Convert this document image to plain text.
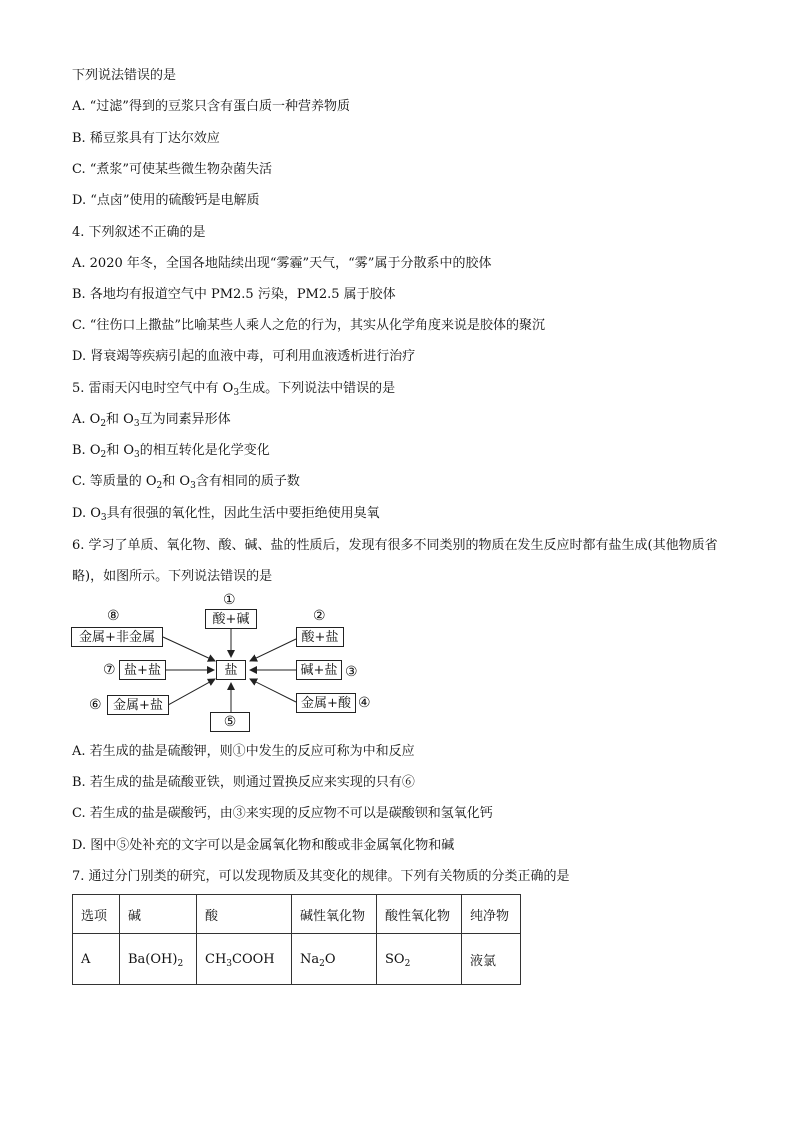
下列说法错误的是
A. “过滤”得到的豆浆只含有蛋白质一种营养物质
B. 稀豆浆具有丁达尔效应
C. “煮浆”可使某些微生物杂菌失活
D. “点卤”使用的硫酸钙是电解质
4. 下列叙述不正确的是
A. 2020 年冬，全国各地陆续出现“雾霾”天气，“雾”属于分散系中的胶体
B. 各地均有报道空气中 PM2.5 污染，PM2.5 属于胶体
C. “往伤口上撒盐”比喻某些人乘人之危的行为，其实从化学角度来说是胶体的聚沉
D. 肾衰竭等疾病引起的血液中毒，可利用血液透析进行治疗
5. 雷雨天闪电时空气中有 $O_3$生成。下列说法中错误的是
A. $O_2$和 $O_3$互为同素异形体
B. $O_2$和 $O_3$的相互转化是化学变化
C. 等质量的 $O_2$和 $O_3$含有相同的质子数
D. $O_3$具有很强的氧化性，因此生活中要拒绝使用臭氧
6. 学习了单质、氧化物、酸、碱、盐的性质后，发现有很多不同类别的物质在发生反应时都有盐生成(其他物质省略)，如图所示。下列说法错误的是
盐
①
酸+碱	②
酸+盐
碱+盐 ③
金属+酸 ④
⑤
⑥ 金属+盐
⑦ 盐+盐
⑧
金属+非金属
A. 若生成的盐是硫酸钾，则①中发生的反应可称为中和反应
B. 若生成的盐是硫酸亚铁，则通过置换反应来实现的只有⑥
C. 若生成的盐是碳酸钙，由③来实现的反应物不可以是碳酸钡和氢氧化钙
D. 图中⑤处补充的文字可以是金属氧化物和酸或非金属氧化物和碱
7. 通过分门别类的研究，可以发现物质及其变化的规律。下列有关物质的分类正确的是
选项	碱	酸	碱性氧化物	酸性氧化物	纯净物
A	$Ba(OH)_2$	$CH_3COOH$	$Na_2O$	$SO_2$	液氯
